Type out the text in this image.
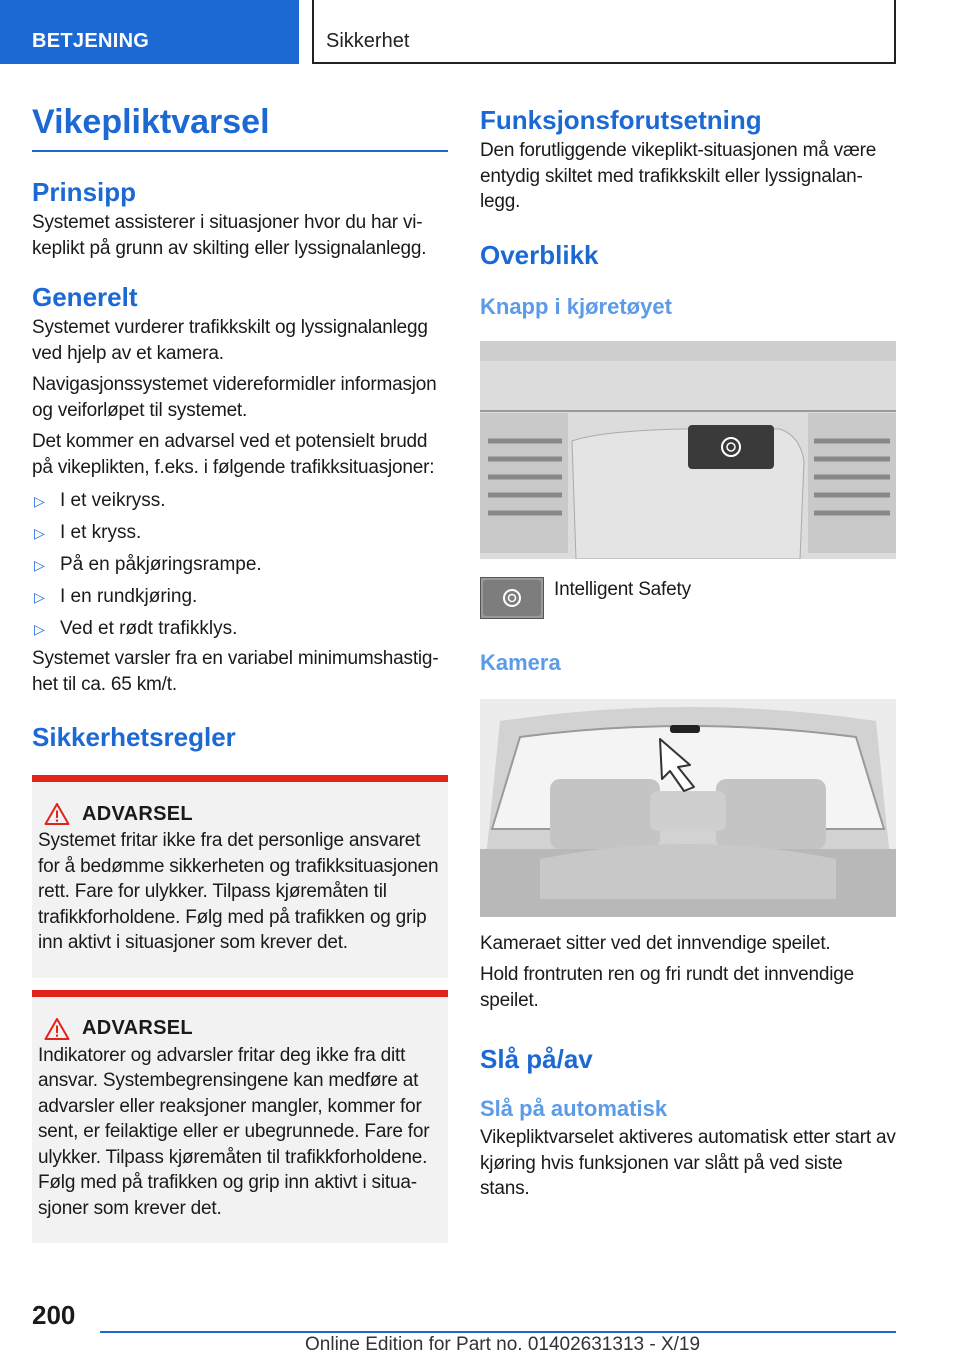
BETJENING	Sikkerhet
Vikepliktvarsel
Prinsipp

Systemet assisterer i situasjoner hvor du har vikeplikt på grunn av skilting eller lyssignalanlegg.

Generelt

Systemet vurderer trafikkskilt og lyssignalanlegg ved hjelp av et kamera.

Navigasjonssystemet videreformidler informasjon og veiforløpet til systemet.

Det kommer en advarsel ved et potensielt brudd på vikeplikten, f.eks. i følgende trafikksituasjoner:

▷ I et veikryss.
▷ I et kryss.
▷ På en påkjøringsrampe.
▷ I en rundkjøring.
▷ Ved et rødt trafikklys.

Systemet varsler fra en variabel minimumshastighet til ca. 65 km/t.

Sikkerhetsregler
ADVARSEL

Systemet fritar ikke fra det personlige ansvaret for å bedømme sikkerheten og trafikksituasjonen rett. Fare for ulykker. Tilpass kjøremåten til trafikkforholdene. Følg med på trafikken og grip inn aktivt i situasjoner som krever det.

ADVARSEL

Indikatorer og advarsler fritar deg ikke fra ditt ansvar. Systembegrensingene kan medføre at advarsler eller reaksjoner mangler, kommer for sent, er feilaktige eller er ubegrunnede. Fare for ulykker. Tilpass kjøremåten til trafikkforholdene. Følg med på trafikken og grip inn aktivt i situasjoner som krever det.

Funksjonsforutsetning

Den forutliggende vikeplikt-situasjonen må være entydig skiltet med trafikkskilt eller lyssignalanlegg.

Overblikk
Knapp i kjøretøyet

Intelligent Safety

Kamera

Kameraet sitter ved det innvendige speilet.

Hold frontruten ren og fri rundt det innvendige speilet.

Slå på/av
Slå på automatisk

Vikepliktvarselet aktiveres automatisk etter start av kjøring hvis funksjonen var slått på ved siste stans.

200
Online Edition for Part no. 01402631313 - X/19
